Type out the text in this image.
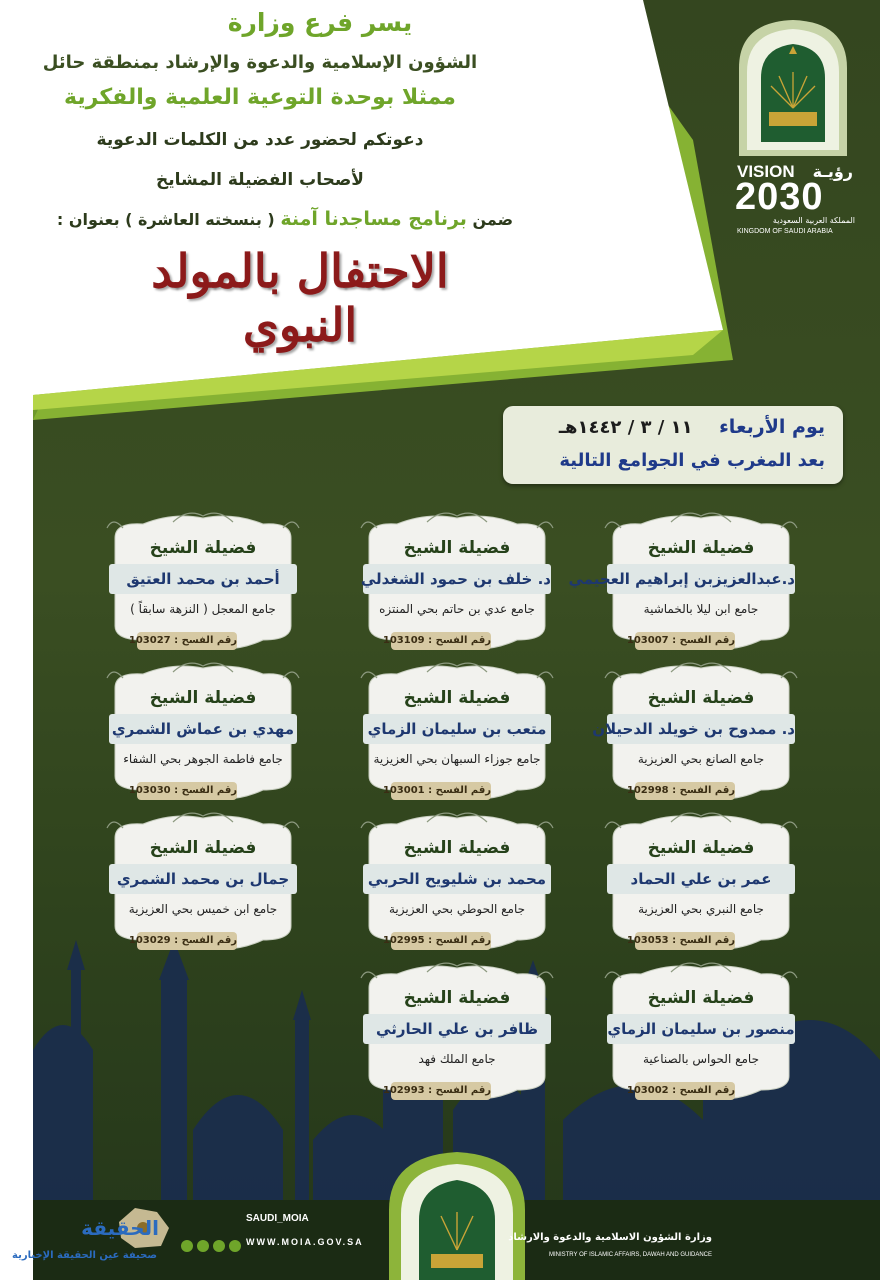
يسر فرع وزارة
الشؤون الإسلامية والدعوة والإرشاد بمنطقة حائل
ممثلا بوحدة التوعية العلمية والفكرية
دعوتكم لحضور عدد من الكلمات الدعوية
لأصحاب الفضيلة المشايخ
ضمن برنامج مساجدنا آمنة ( بنسخته العاشرة ) بعنوان :
الاحتفال بالمولد النبوي
VISION رؤيـة
2030
المملكة العربية السعودية
KINGDOM OF SAUDI ARABIA
يوم الأربعاء    ١١ / ٣ / ١٤٤٢هـ
بعد المغرب في الجوامع التالية
فضيلة الشيخ
د.عبدالعزيزبن إبراهيم العجيمي
جامع ابن ليلا بالخماشية
رقم الفسح : 103007
فضيلة الشيخ
د. خلف بن حمود الشغدلي
جامع عدي بن حاتم بحي المنتزه
رقم الفسح : 103109
فضيلة الشيخ
أحمد بن محمد العتيق
جامع المعجل ( النزهة سابقاً )
رقم الفسح : 103027
فضيلة الشيخ
د. ممدوح بن خويلد الدحيلان
جامع الصانع بحي العزيزية
رقم الفسح : 102998
فضيلة الشيخ
متعب بن سليمان الزماي
جامع جوزاء السبهان بحي العزيزية
رقم الفسح : 103001
فضيلة الشيخ
مهدي بن عماش الشمري
جامع فاطمة الجوهر بحي الشفاء
رقم الفسح : 103030
فضيلة الشيخ
عمر بن علي الحماد
جامع النبري بحي العزيزية
رقم الفسح : 103053
فضيلة الشيخ
محمد بن شليويح الحربي
جامع الحوطي بحي العزيزية
رقم الفسح : 102995
فضيلة الشيخ
جمال بن محمد الشمري
جامع ابن خميس بحي العزيزية
رقم الفسح : 103029
فضيلة الشيخ
منصور بن سليمان الزماي
جامع الحواس بالصناعية
رقم الفسح : 103002
فضيلة الشيخ
ظافر بن علي الحارثي
جامع الملك فهد
رقم الفسح : 102993
SAUDI_MOIA
WWW.MOIA.GOV.SA	وزارة الشؤون الاسلامية والدعوة والارشاد
MINISTRY OF ISLAMIC AFFAIRS, DAWAH AND GUIDANCE
الحقيقة
صحيفة عين الحقيقة الإخبارية
